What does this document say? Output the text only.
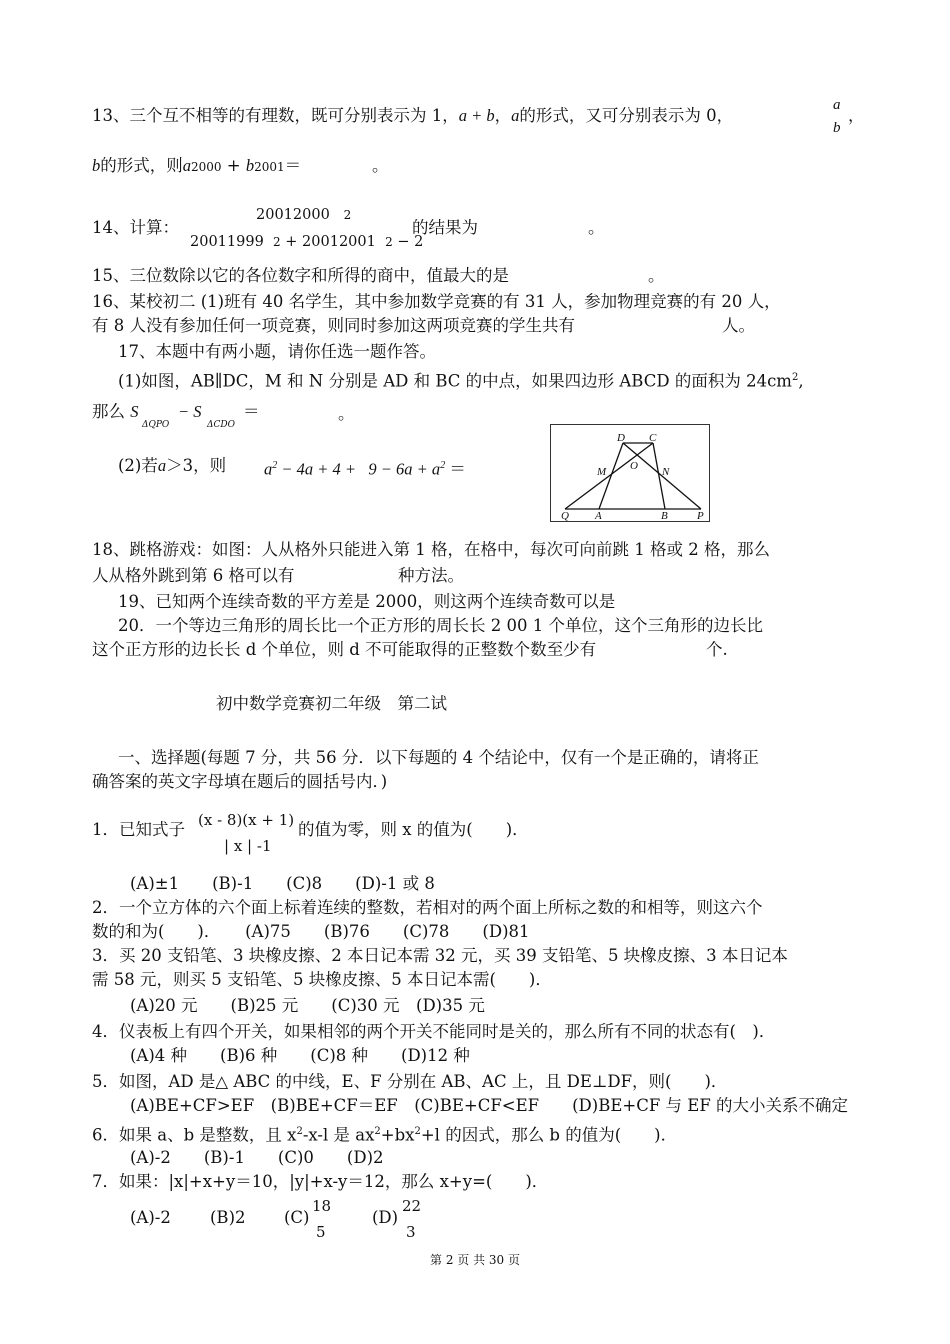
13、三个互不相等的有理数，既可分别表示为 1，a + b，a的形式，又可分别表示为 0，
a
b
，
b的形式，则a2000 + b2001＝	。
14、计算：
20012000 2
20011999 2 + 20012001 2 − 2
的结果为	。
15、三位数除以它的各位数字和所得的商中，值最大的是	。
16、某校初二 (1)班有 40 名学生，其中参加数学竞赛的有 31 人，参加物理竞赛的有 20 人，
有 8 人没有参加任何一项竞赛，则同时参加这两项竞赛的学生共有	人。
17、本题中有两小题，请你任选一题作答。
(1)如图，AB∥DC，M 和 N 分别是 AD 和 BC 的中点，如果四边形 ABCD 的面积为 $24cm^2$,
那么 S
ΔQPO
− S
ΔCDO
＝	。
(2)若a＞3，则 $a^2 - 4a + 4 + 9 - 6a + a^2$ ＝
D C
M O N
Q A	B	P
18、跳格游戏：如图：人从格外只能进入第 1 格，在格中，每次可向前跳 1 格或 2 格，那么
人从格外跳到第 6 格可以有	种方法。
19、已知两个连续奇数的平方差是 2000，则这两个连续奇数可以是
20．一个等边三角形的周长比一个正方形的周长长 2 00 1 个单位，这个三角形的边长比
这个正方形的边长长 d 个单位，则 d 不可能取得的正整数个数至少有	个.
初中数学竞赛初二年级　第二试
一、选择题(每题 7 分，共 56 分．以下每题的 4 个结论中，仅有一个是正确的，请将正
确答案的英文字母填在题后的圆括号内．)
1．已知式子 (x - 8)(x + 1)
| x | -1
的值为零，则 x 的值为(　　)．
(A)±1　　(B)-1　　(C)8　　(D)-1 或 8
2．一个立方体的六个面上标着连续的整数，若相对的两个面上所标之数的和相等，则这六个
数的和为(　　)．　　(A)75　　(B)76　　(C)78　　(D)81
3．买 20 支铅笔、3 块橡皮擦、2 本日记本需 32 元，买 39 支铅笔、5 块橡皮擦、3 本日记本
需 58 元，则买 5 支铅笔、5 块橡皮擦、5 本日记本需(　　)．
(A)20 元　　(B)25 元　　(C)30 元　(D)35 元
4．仪表板上有四个开关，如果相邻的两个开关不能同时是关的，那么所有不同的状态有(　)．
(A)4 种　　(B)6 种　　(C)8 种　　(D)12 种
5．如图，AD 是△ ABC 的中线，E、F 分别在 AB、AC 上，且 DE⊥DF，则(　　)．
(A)BE+CF>EF　(B)BE+CF＝EF　(C)BE+CF<EF　　(D)BE+CF 与 EF 的大小关系不确定
6．如果 a、b 是整数，且 $x^2-x-l$ 是 $ax^2+bx^2+l$ 的因式，那么 b 的值为(　　)．
(A)-2　　(B)-1　　(C)0　　(D)2
7．如果：|x|+x+y＝10，|y|+x-y＝12，那么 x+y=(　　)．
(A)-2 (B)2 (C)
18
5
(D)
22
3
第 2 页 共 30 页
